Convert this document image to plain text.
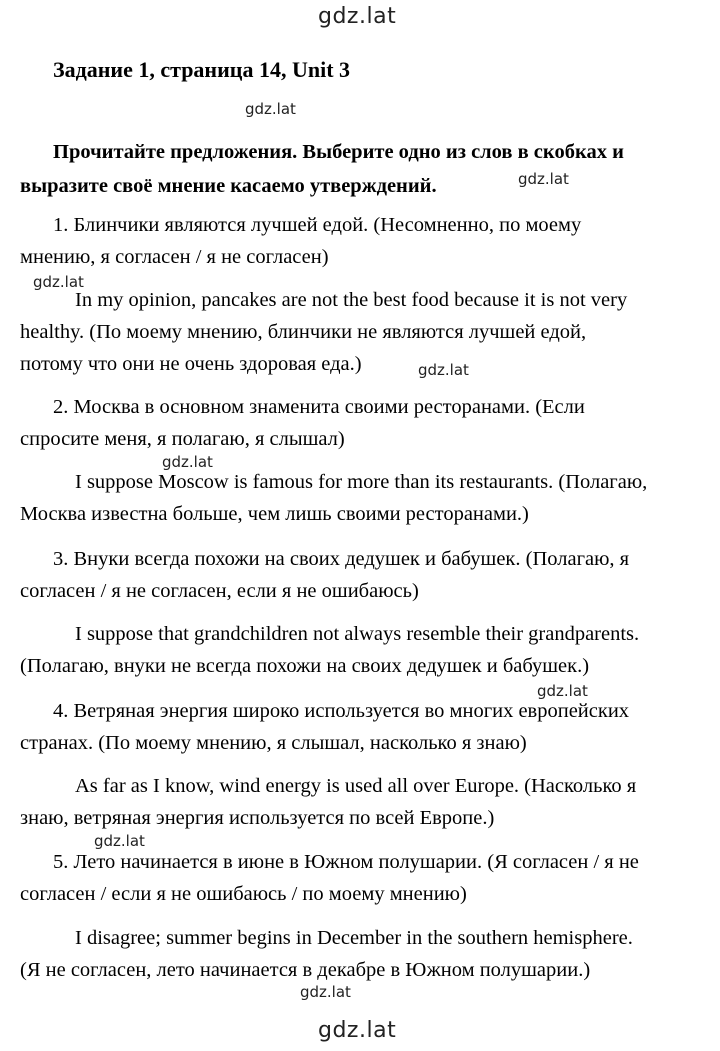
gdz.lat
gdz.lat
gdz.lat
gdz.lat
gdz.lat
gdz.lat
gdz.lat
gdz.lat
gdz.lat
gdz.lat
Задание 1, страница 14, Unit 3
Прочитайте предложения. Выберите одно из слов в скобках и
выразите своё мнение касаемо утверждений.
1. Блинчики являются лучшей едой. (Несомненно, по моему
мнению, я согласен / я не согласен)
In my opinion, pancakes are not the best food because it is not very
healthy. (По моему мнению, блинчики не являются лучшей едой,
потому что они не очень здоровая еда.)
2. Москва в основном знаменита своими ресторанами. (Если
спросите меня, я полагаю, я слышал)
I suppose Moscow is famous for more than its restaurants. (Полагаю,
Москва известна больше, чем лишь своими ресторанами.)
3. Внуки всегда похожи на своих дедушек и бабушек. (Полагаю, я
согласен / я не согласен, если я не ошибаюсь)
I suppose that grandchildren not always resemble their grandparents.
(Полагаю, внуки не всегда похожи на своих дедушек и бабушек.)
4. Ветряная энергия широко используется во многих европейских
странах. (По моему мнению, я слышал, насколько я знаю)
As far as I know, wind energy is used all over Europe. (Насколько я
знаю, ветряная энергия используется по всей Европе.)
5. Лето начинается в июне в Южном полушарии. (Я согласен / я не
согласен / если я не ошибаюсь / по моему мнению)
I disagree; summer begins in December in the southern hemisphere.
(Я не согласен, лето начинается в декабре в Южном полушарии.)
